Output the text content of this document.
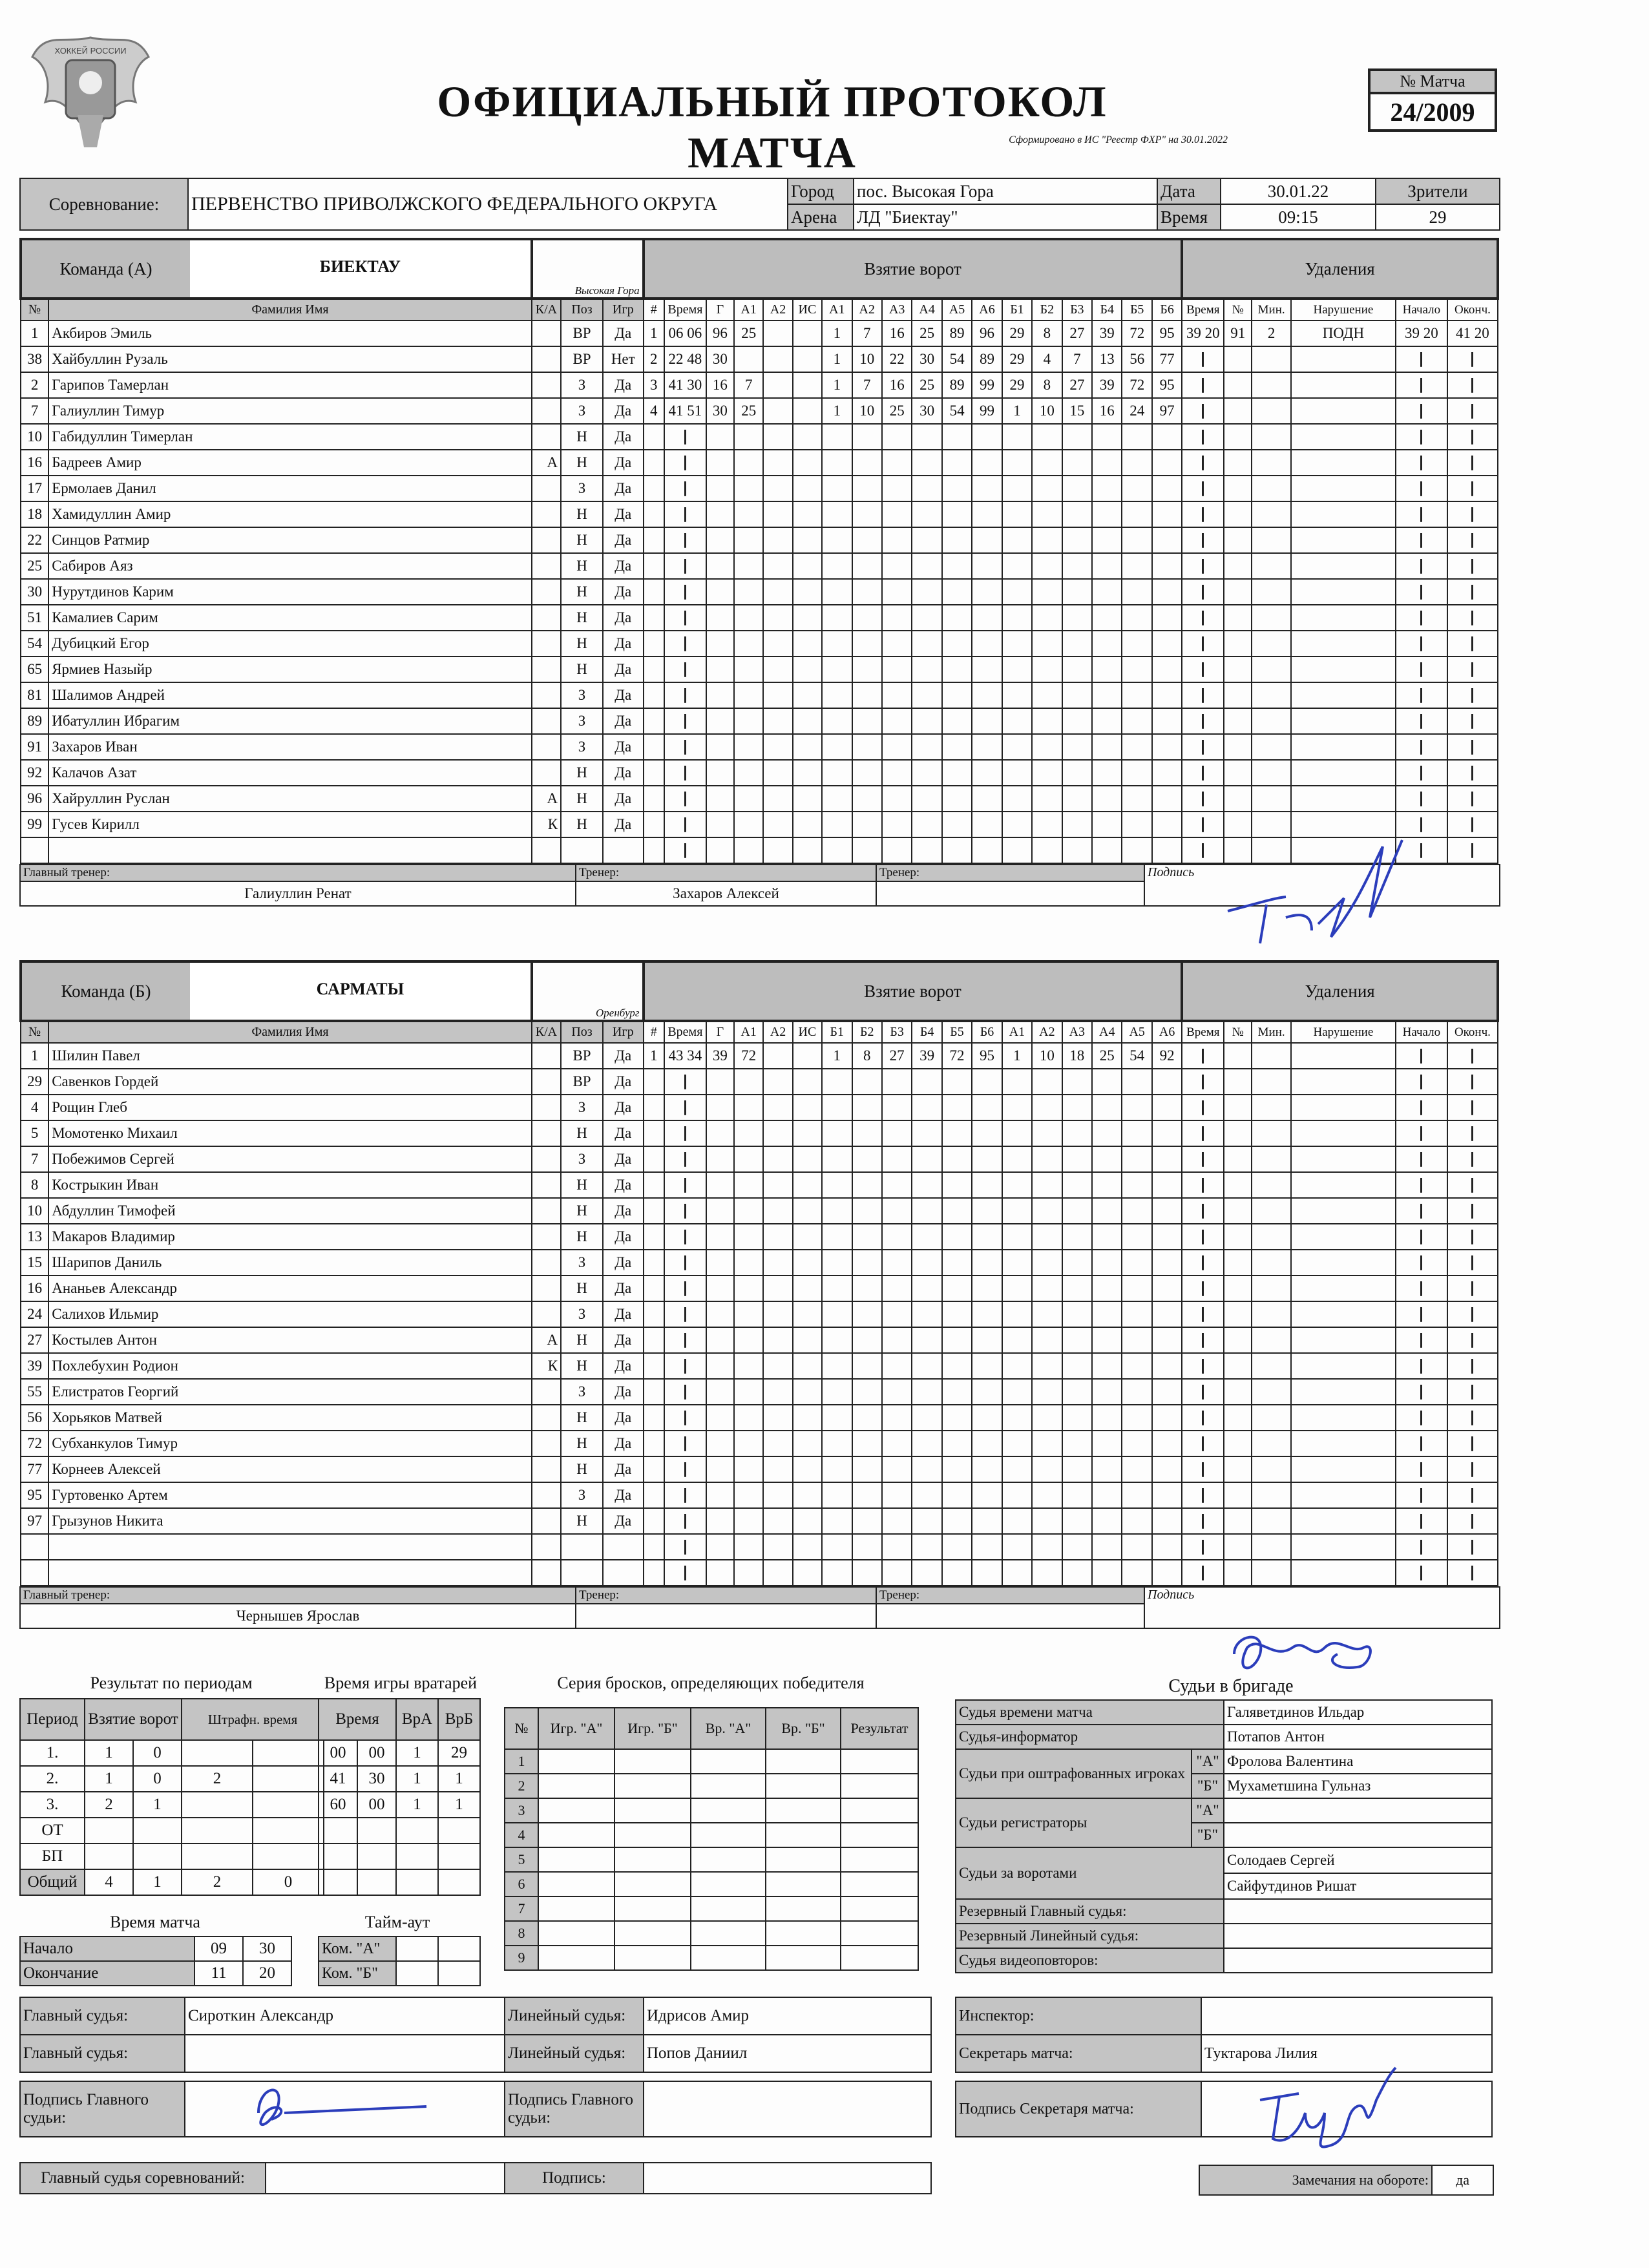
ХОККЕЙ РОССИИ
ОФИЦИАЛЬНЫЙ ПРОТОКОЛ МАТЧА	Сформировано в ИС "Реестр ФХР" на 30.01.2022
№ Матча
24/2009
Соревнование:	ПЕРВЕНСТВО ПРИВОЛЖСКОГО ФЕДЕРАЛЬНОГО ОКРУГА	Город	пос. Высокая Гора	Дата	30.01.22	Зрители
		Арена	ЛД "Биектау"	Время	09:15	29
Команда (А) БИЕКТАУ		Высокая Гора			Взятие ворот																		Удаления					
№	Фамилия Имя	К/А	Поз	Игр	#	Время	Г	А1	А2	ИС	А1	А2	А3	А4	А5	А6	Б1	Б2	Б3	Б4	Б5	Б6	Время	№	Мин.	Нарушение	Начало	Оконч.
1	Акбиров Эмиль		ВР	Да	1	06 06	96	25			1	7	16	25	89	96	29	8	27	39	72	95	39 20	91	2	ПОДН	39 20	41 20
38	Хайбуллин Рузаль		ВР	Нет	2	22 48	30				1	10	22	30	54	89	29	4	7	13	56	77						
2	Гарипов Тамерлан		З	Да	3	41 30	16	7			1	7	16	25	89	99	29	8	27	39	72	95						
7	Галиуллин Тимур		З	Да	4	41 51	30	25			1	10	25	30	54	99	1	10	15	16	24	97						
10	Габидуллин Тимерлан		Н	Да																								
16	Бадреев Амир	А	Н	Да																								
17	Ермолаев Данил		З	Да																								
18	Хамидуллин Амир		Н	Да																								
22	Синцов Ратмир		Н	Да																								
25	Сабиров Аяз		Н	Да																								
30	Нурутдинов Карим		Н	Да																								
51	Камалиев Сарим		Н	Да																								
54	Дубицкий Егор		Н	Да																								
65	Ярмиев Назыйр		Н	Да																								
81	Шалимов Андрей		З	Да																								
89	Ибатуллин Ибрагим		З	Да																								
91	Захаров Иван		З	Да																								
92	Калачов Азат		Н	Да																								
96	Хайруллин Руслан	А	Н	Да																								
99	Гусев Кирилл	К	Н	Да																								

Главный тренер:	Тренер:	Тренер:	Подпись
Галиуллин Ренат	Захаров Алексей		
Команда (Б) САРМАТЫ		Оренбург			Взятие ворот																		Удаления					
№	Фамилия Имя	К/А	Поз	Игр	#	Время	Г	А1	А2	ИС	Б1	Б2	Б3	Б4	Б5	Б6	А1	А2	А3	А4	А5	А6	Время	№	Мин.	Нарушение	Начало	Оконч.
1	Шилин Павел		ВР	Да	1	43 34	39	72			1	8	27	39	72	95	1	10	18	25	54	92						
29	Савенков Гордей		ВР	Да																								
4	Рощин Глеб		З	Да																								
5	Момотенко Михаил		Н	Да																								
7	Побежимов Сергей		З	Да																								
8	Кострыкин Иван		Н	Да																								
10	Абдуллин Тимофей		Н	Да																								
13	Макаров Владимир		Н	Да																								
15	Шарипов Даниль		З	Да																								
16	Ананьев Александр		Н	Да																								
24	Салихов Ильмир		З	Да																								
27	Костылев Антон	А	Н	Да																								
39	Похлебухин Родион	К	Н	Да																								
55	Елистратов Георгий		З	Да																								
56	Хорьяков Матвей		Н	Да																								
72	Субханкулов Тимур		Н	Да																								
77	Корнеев Алексей		Н	Да																								
95	Гуртовенко Артем		З	Да																								
97	Грызунов Никита		Н	Да																								

Главный тренер:	Тренер:	Тренер:	Подпись
Чернышев Ярослав			
Результат по периодам
Период	Взятие ворот		Штрафн. время	
1.	1	0		
2.	1	0	2	
3.	2	1		
ОТ				
БП				
Общий	4	1	2	0
Время игры вратарей
Время		ВрА	ВрБ
00	00	1	29
41	30	1	1
60	00	1	1

Время матча
Начало	09	30
Окончание	11	20
Тайм-аут
Ком. "А"		
Ком. "Б"		
Серия бросков, определяющих победителя
№	Игр. "А"	Игр. "Б"	Вр. "А"	Вр. "Б"	Результат
1					
2					
3					
4					
5					
6					
7					
8					
9					
Судьи в бригаде
Судья времени матча		Галяветдинов Ильдар
Судья-информатор		Потапов Антон
Судьи при оштрафованных игроках	"А"	Фроловa Валентина
	"Б"	Мухаметшина Гульназ
Судьи регистраторы	"А"	
	"Б"	
Судьи за воротами		Солодаев Сергей
		Сайфутдинов Ришат
Резервный Главный судья:		
Резервный Линейный судья:		
Судья видеоповторов:		
Главный судья:	Сироткин Александр	Линейный судья:	Идрисов Амир
Главный судья:		Линейный судья:	Попов Даниил

Подпись Главного судьи:		Подпись Главного судьи:	
Главный судья соревнований:		Подпись:	
Инспектор:	
Секретарь матча:	Туктарова Лилия

Подпись Секретаря матча:	
Замечания на обороте:	да
